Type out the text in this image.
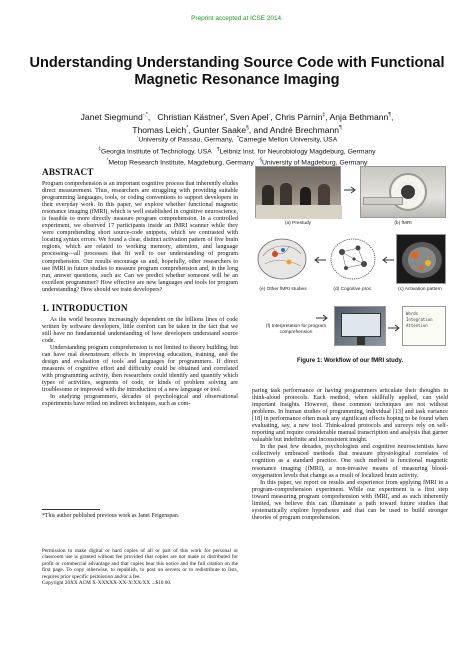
Preprint accepted at ICSE 2014.
Understanding Understanding Source Code with Functional Magnetic Resonance Imaging
Janet Siegmund◦,*,   Christian Kästner•, Sven Apel◦, Chris Parnin‡, Anja Bethmann¶,
Thomas Leich*, Gunter Saake§, and André Brechmann¶
◦University of Passau, Germany,  •Carnegie Mellon University, USA
‡Georgia Institute of Technology, USA ¶Leibniz Inst. for Neurobiology Magdeburg, Germany
*Metop Research Institute, Magdeburg, Germany §University of Magdeburg, Germany
ABSTRACT

Program comprehension is an important cognitive process that inherently eludes direct measurement. Thus, researchers are struggling with providing suitable programming languages, tools, or coding conventions to support developers in their everyday work. In this paper, we explore whether functional magnetic resonance imaging (fMRI), which is well established in cognitive neuroscience, is feasible to more directly measure program comprehension. In a controlled experiment, we observed 17 participants inside an fMRI scanner while they were comprehending short source-code snippets, which we contrasted with locating syntax errors. We found a clear, distinct activation pattern of five brain regions, which are related to working memory, attention, and language processing—all processes that fit well to our understanding of program comprehension. Our results encourage us and, hopefully, other researchers to use fMRI in future studies to measure program comprehension and, in the long run, answer questions, such as: Can we predict whether someone will be an excellent programmer? How effective are new languages and tools for program understanding? How should we train developers?

1. INTRODUCTION

As the world becomes increasingly dependent on the billions lines of code written by software developers, little comfort can be taken in the fact that we still have no fundamental understanding of how developers understand source code.

Understanding program comprehension is not limited to theory building, but can have real downstream effects in improving education, training, and the design and evaluation of tools and languages for programmers. If direct measures of cognitive effort and difficulty could be obtained and correlated with programming activity, then researchers could identify and quantify which types of activities, segments of code, or kinds of problem solving are troublesome or improved with the introduction of a new language or tool.

In studying programmers, decades of psychological and observational experiments have relied on indirect techniques, such as com-

*This author published previous work as Janet Feigenspan.
Permission to make digital or hard copies of all or part of this work for personal or classroom use is granted without fee provided that copies are not made or distributed for profit or commercial advantage and that copies bear this notice and the full citation on the first page. To copy otherwise, to republish, to post on servers or to redistribute to lists, requires prior specific permission and/or a fee.
Copyright 20XX ACM X-XXXXX-XX-X/XX/XX ...$10.00.
(a) Prestudy	(b) fMRI
(e) Other fMRI studies	(d) Cognitive proc.	(c) Activation pattern
(f) Interpretation for program comprehension
Words
Integration
Attention
Figure 1: Workflow of our fMRI study.

paring task performance or having programmers articulate their thoughts in think-aloud protocols. Each method, when skillfully applied, can yield important insights. However, these common techniques are not without problems. In human studies of programming, individual [13] and task variance [18] in performance often mask any significant effects hoping to be found when evaluating, say, a new tool. Think-aloud protocols and surveys rely on self-reporting and require considerable manual transcription and analysis that garner valuable but indefinite and inconsistent insight.

In the past few decades, psychologists and cognitive neuroscientists have collectively embraced methods that measure physiological correlates of cognition as a standard practice. One such method is functional magnetic resonance imaging (fMRI), a non-invasive means of measuring blood-oxygenation levels that change as a result of localized brain activity.

In this paper, we report on results and experience from applying fMRI in a program-comprehension experiment. While our experiment is a first step toward measuring program comprehension with fMRI, and as such inherently limited, we believe this can illuminate a path toward future studies that systematically explore hypotheses and that can be used to build stronger theories of program comprehension.
